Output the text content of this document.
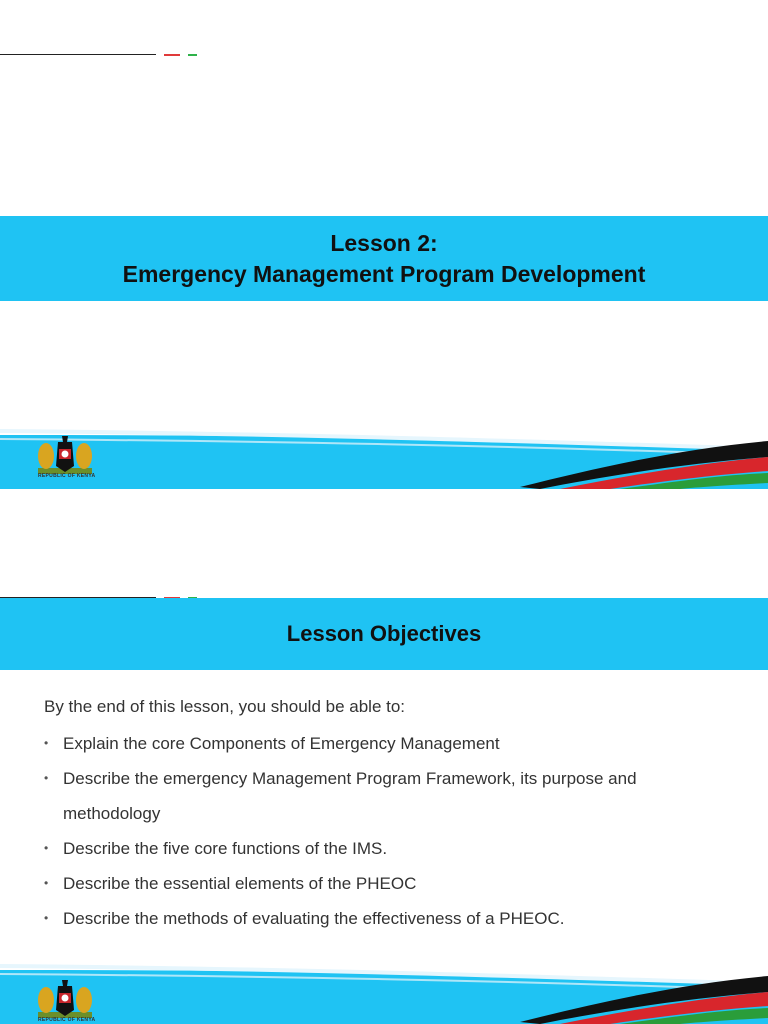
Lesson 2:
Emergency Management Program Development
REPUBLIC OF KENYA
Lesson Objectives

By the end of this lesson, you should be able to:

• Explain the core Components of Emergency Management
• Describe the emergency Management Program Framework, its purpose and
methodology
• Describe the five core functions of the IMS.
• Describe the essential elements of the PHEOC
• Describe the methods of evaluating the effectiveness of a PHEOC.
REPUBLIC OF KENYA
